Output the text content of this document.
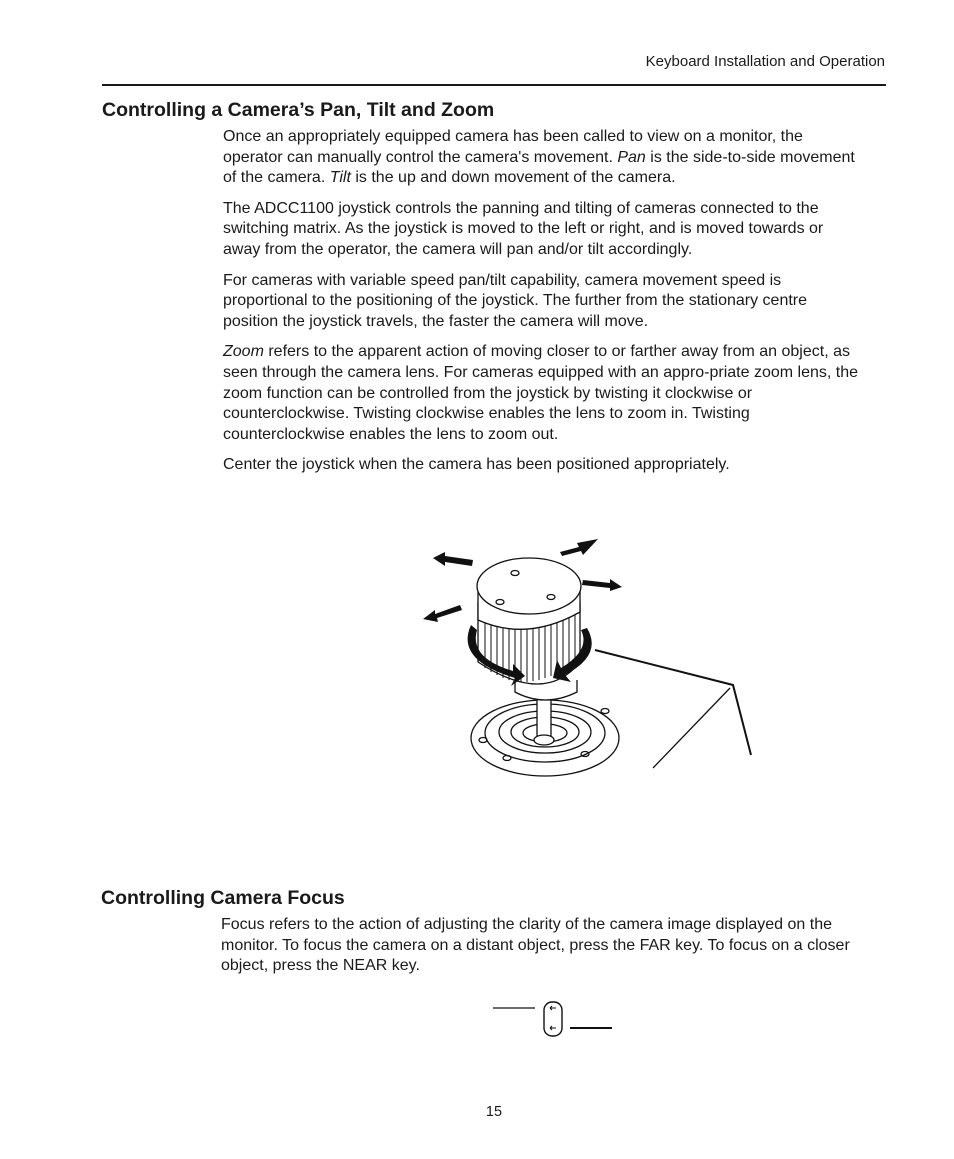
Keyboard Installation and Operation
Controlling a Camera’s Pan, Tilt and Zoom

Once an appropriately equipped camera has been called to view on a monitor, the operator can manually control the camera's movement. Pan is the side-to-side movement of the camera. Tilt is the up and down movement of the camera.

The ADCC1100 joystick controls the panning and tilting of cameras connected to the switching matrix. As the joystick is moved to the left or right, and is moved towards or away from the operator, the camera will pan and/or tilt accordingly.

For cameras with variable speed pan/tilt capability, camera movement speed is proportional to the positioning of the joystick. The further from the stationary centre position the joystick travels, the faster the camera will move.

Zoom refers to the apparent action of moving closer to or farther away from an object, as seen through the camera lens. For cameras equipped with an appro-priate zoom lens, the zoom function can be controlled from the joystick by twisting it clockwise or counterclockwise. Twisting clockwise enables the lens to zoom in. Twisting counterclockwise enables the lens to zoom out.

Center the joystick when the camera has been positioned appropriately.

Controlling Camera Focus

Focus refers to the action of adjusting the clarity of the camera image displayed on the monitor. To focus the camera on a distant object, press the FAR key. To focus on a closer object, press the NEAR key.

15
